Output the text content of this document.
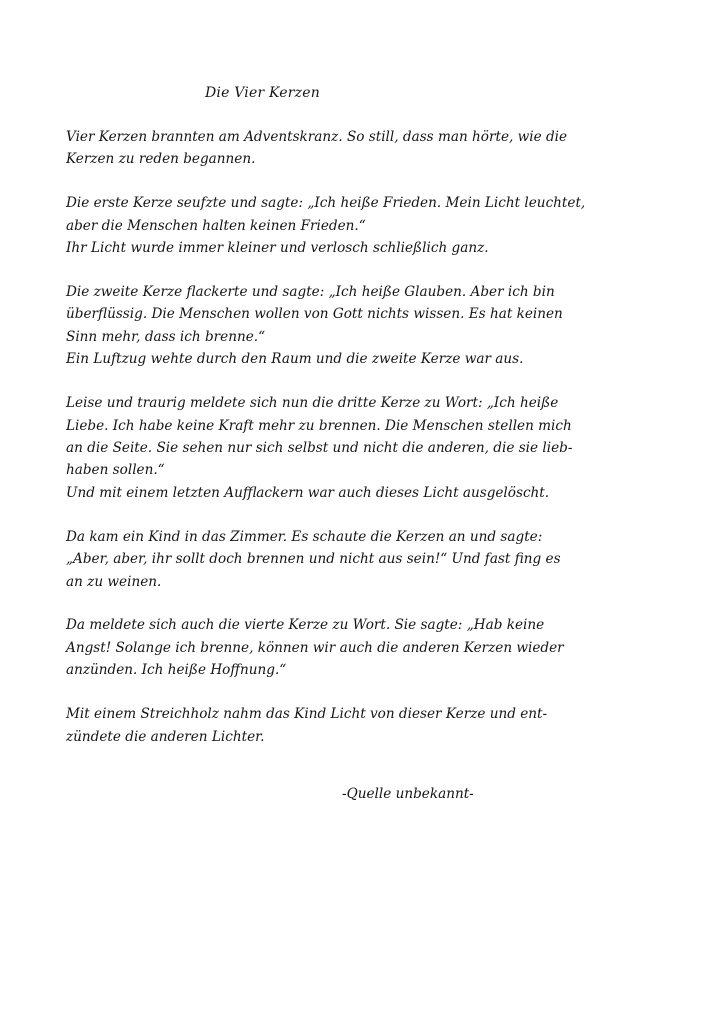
Die Vier Kerzen

Vier Kerzen brannten am Adventskranz. So still, dass man hörte, wie die
Kerzen zu reden begannen.

Die erste Kerze seufzte und sagte: „Ich heiße Frieden. Mein Licht leuchtet,
aber die Menschen halten keinen Frieden.“
Ihr Licht wurde immer kleiner und verlosch schließlich ganz.

Die zweite Kerze flackerte und sagte: „Ich heiße Glauben. Aber ich bin
überflüssig. Die Menschen wollen von Gott nichts wissen. Es hat keinen
Sinn mehr, dass ich brenne.“
Ein Luftzug wehte durch den Raum und die zweite Kerze war aus.

Leise und traurig meldete sich nun die dritte Kerze zu Wort: „Ich heiße
Liebe. Ich habe keine Kraft mehr zu brennen. Die Menschen stellen mich
an die Seite. Sie sehen nur sich selbst und nicht die anderen, die sie lieb-
haben sollen.“
Und mit einem letzten Aufflackern war auch dieses Licht ausgelöscht.

Da kam ein Kind in das Zimmer. Es schaute die Kerzen an und sagte:
„Aber, aber, ihr sollt doch brennen und nicht aus sein!“ Und fast fing es
an zu weinen.

Da meldete sich auch die vierte Kerze zu Wort. Sie sagte: „Hab keine
Angst! Solange ich brenne, können wir auch die anderen Kerzen wieder
anzünden. Ich heiße Hoffnung.“

Mit einem Streichholz nahm das Kind Licht von dieser Kerze und ent-
zündete die anderen Lichter.

-Quelle unbekannt-
